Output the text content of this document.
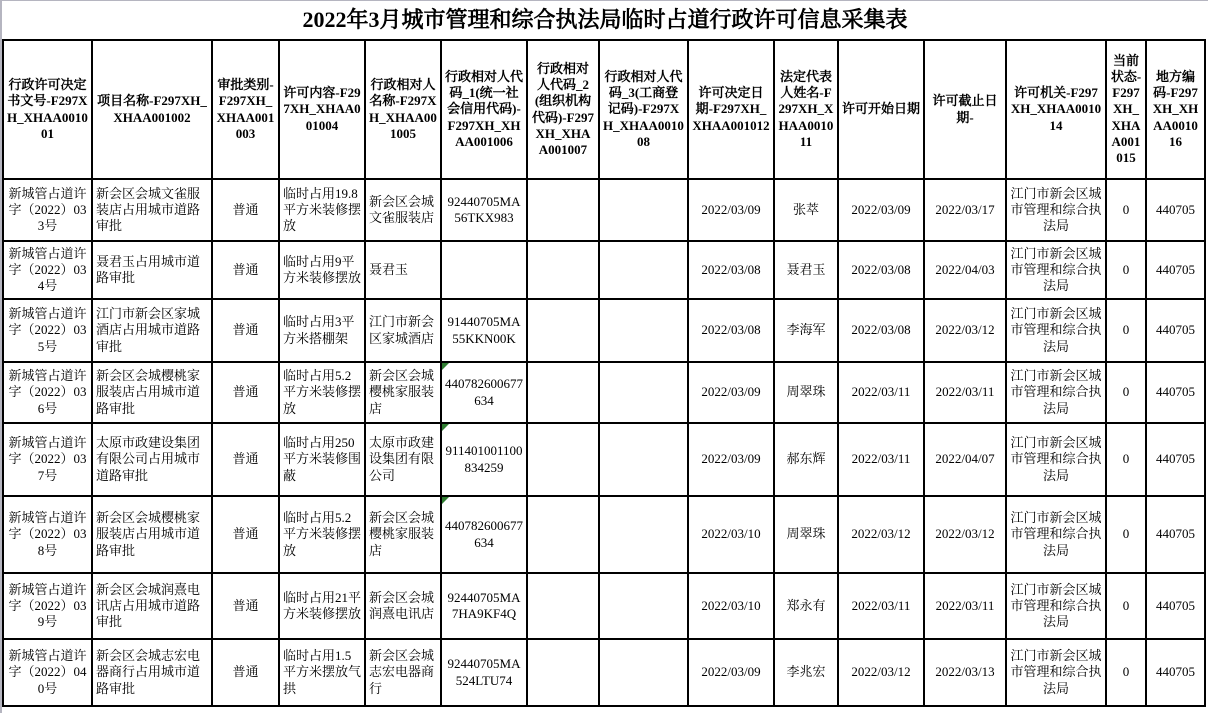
2022年3月城市管理和综合执法局临时占道行政许可信息采集表
行政许可决定书文号-F297XH_XHAA001001	项目名称-F297XH_XHAA001002	审批类别-F297XH_XHAA001003	许可内容-F297XH_XHAA001004	行政相对人名称-F297XH_XHAA001005	行政相对人代码_1(统一社会信用代码)-F297XH_XHAA001006	行政相对人代码_2(组织机构代码)-F297XH_XHAA001007	行政相对人代码_3(工商登记码)-F297XH_XHAA001008	许可决定日期-F297XH_XHAA001012	法定代表人姓名-F297XH_XHAA001011	许可开始日期	许可截止日期-	许可机关-F297XH_XHAA001014	当前状态-F297XH_XHAA001015	地方编码-F297XH_XHAA001016
新城管占道许字（2022）033号	新会区会城文雀服装店占用城市道路审批	普通	临时占用19.8平方米装修摆放	新会区会城文雀服装店	92440705MA56TKX983			2022/03/09	张萃	2022/03/09	2022/03/17	江门市新会区城市管理和综合执法局	0	440705
新城管占道许字（2022）034号	聂君玉占用城市道路审批	普通	临时占用9平方米装修摆放	聂君玉				2022/03/08	聂君玉	2022/03/08	2022/04/03	江门市新会区城市管理和综合执法局	0	440705
新城管占道许字（2022）035号	江门市新会区家城酒店占用城市道路审批	普通	临时占用3平方米搭棚架	江门市新会区家城酒店	91440705MA55KKN00K			2022/03/08	李海军	2022/03/08	2022/03/12	江门市新会区城市管理和综合执法局	0	440705
新城管占道许字（2022）036号	新会区会城樱桃家服装店占用城市道路审批	普通	临时占用5.2平方米装修摆放	新会区会城樱桃家服装店	440782600677634			2022/03/09	周翠珠	2022/03/11	2022/03/11	江门市新会区城市管理和综合执法局	0	440705
新城管占道许字（2022）037号	太原市政建设集团有限公司占用城市道路审批	普通	临时占用250平方米装修围蔽	太原市政建设集团有限公司	911401001100834259			2022/03/09	郝东辉	2022/03/11	2022/04/07	江门市新会区城市管理和综合执法局	0	440705
新城管占道许字（2022）038号	新会区会城樱桃家服装店占用城市道路审批	普通	临时占用5.2平方米装修摆放	新会区会城樱桃家服装店	440782600677634			2022/03/10	周翠珠	2022/03/12	2022/03/12	江门市新会区城市管理和综合执法局	0	440705
新城管占道许字（2022）039号	新会区会城润熹电讯店占用城市道路审批	普通	临时占用21平方米装修摆放	新会区会城润熹电讯店	92440705MA7HA9KF4Q			2022/03/10	郑永有	2022/03/11	2022/03/11	江门市新会区城市管理和综合执法局	0	440705
新城管占道许字（2022）040号	新会区会城志宏电器商行占用城市道路审批	普通	临时占用1.5平方米摆放气拱	新会区会城志宏电器商行	92440705MA524LTU74			2022/03/09	李兆宏	2022/03/12	2022/03/13	江门市新会区城市管理和综合执法局	0	440705
